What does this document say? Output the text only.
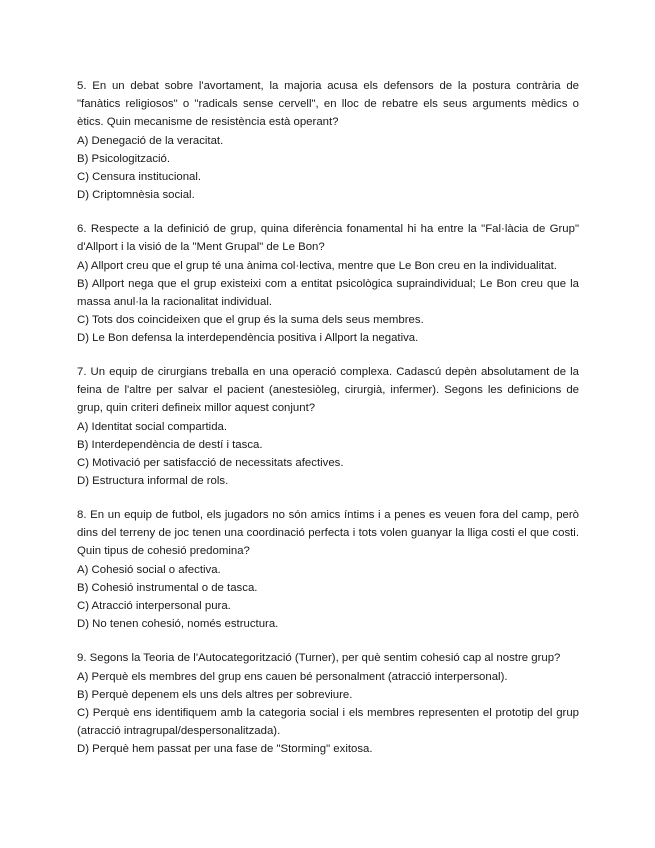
5. En un debat sobre l'avortament, la majoria acusa els defensors de la postura contrària de "fanàtics religiosos" o "radicals sense cervell", en lloc de rebatre els seus arguments mèdics o ètics. Quin mecanisme de resistència està operant?

A) Denegació de la veracitat.

B) Psicologització.

C) Censura institucional.

D) Criptomnèsia social.

6. Respecte a la definició de grup, quina diferència fonamental hi ha entre la "Fal·làcia de Grup" d'Allport i la visió de la "Ment Grupal" de Le Bon?

A) Allport creu que el grup té una ànima col·lectiva, mentre que Le Bon creu en la individualitat.

B) Allport nega que el grup existeixi com a entitat psicològica supraindividual; Le Bon creu que la massa anul·la la racionalitat individual.

C) Tots dos coincideixen que el grup és la suma dels seus membres.

D) Le Bon defensa la interdependència positiva i Allport la negativa.

7. Un equip de cirurgians treballa en una operació complexa. Cadascú depèn absolutament de la feina de l'altre per salvar el pacient (anestesiòleg, cirurgià, infermer). Segons les definicions de grup, quin criteri defineix millor aquest conjunt?

A) Identitat social compartida.

B) Interdependència de destí i tasca.

C) Motivació per satisfacció de necessitats afectives.

D) Estructura informal de rols.

8. En un equip de futbol, els jugadors no són amics íntims i a penes es veuen fora del camp, però dins del terreny de joc tenen una coordinació perfecta i tots volen guanyar la lliga costi el que costi. Quin tipus de cohesió predomina?

A) Cohesió social o afectiva.

B) Cohesió instrumental o de tasca.

C) Atracció interpersonal pura.

D) No tenen cohesió, només estructura.

9. Segons la Teoria de l'Autocategorització (Turner), per què sentim cohesió cap al nostre grup?

A) Perquè els membres del grup ens cauen bé personalment (atracció interpersonal).

B) Perquè depenem els uns dels altres per sobreviure.

C) Perquè ens identifiquem amb la categoria social i els membres representen el prototip del grup (atracció intragrupal/despersonalitzada).

D) Perquè hem passat per una fase de "Storming" exitosa.
